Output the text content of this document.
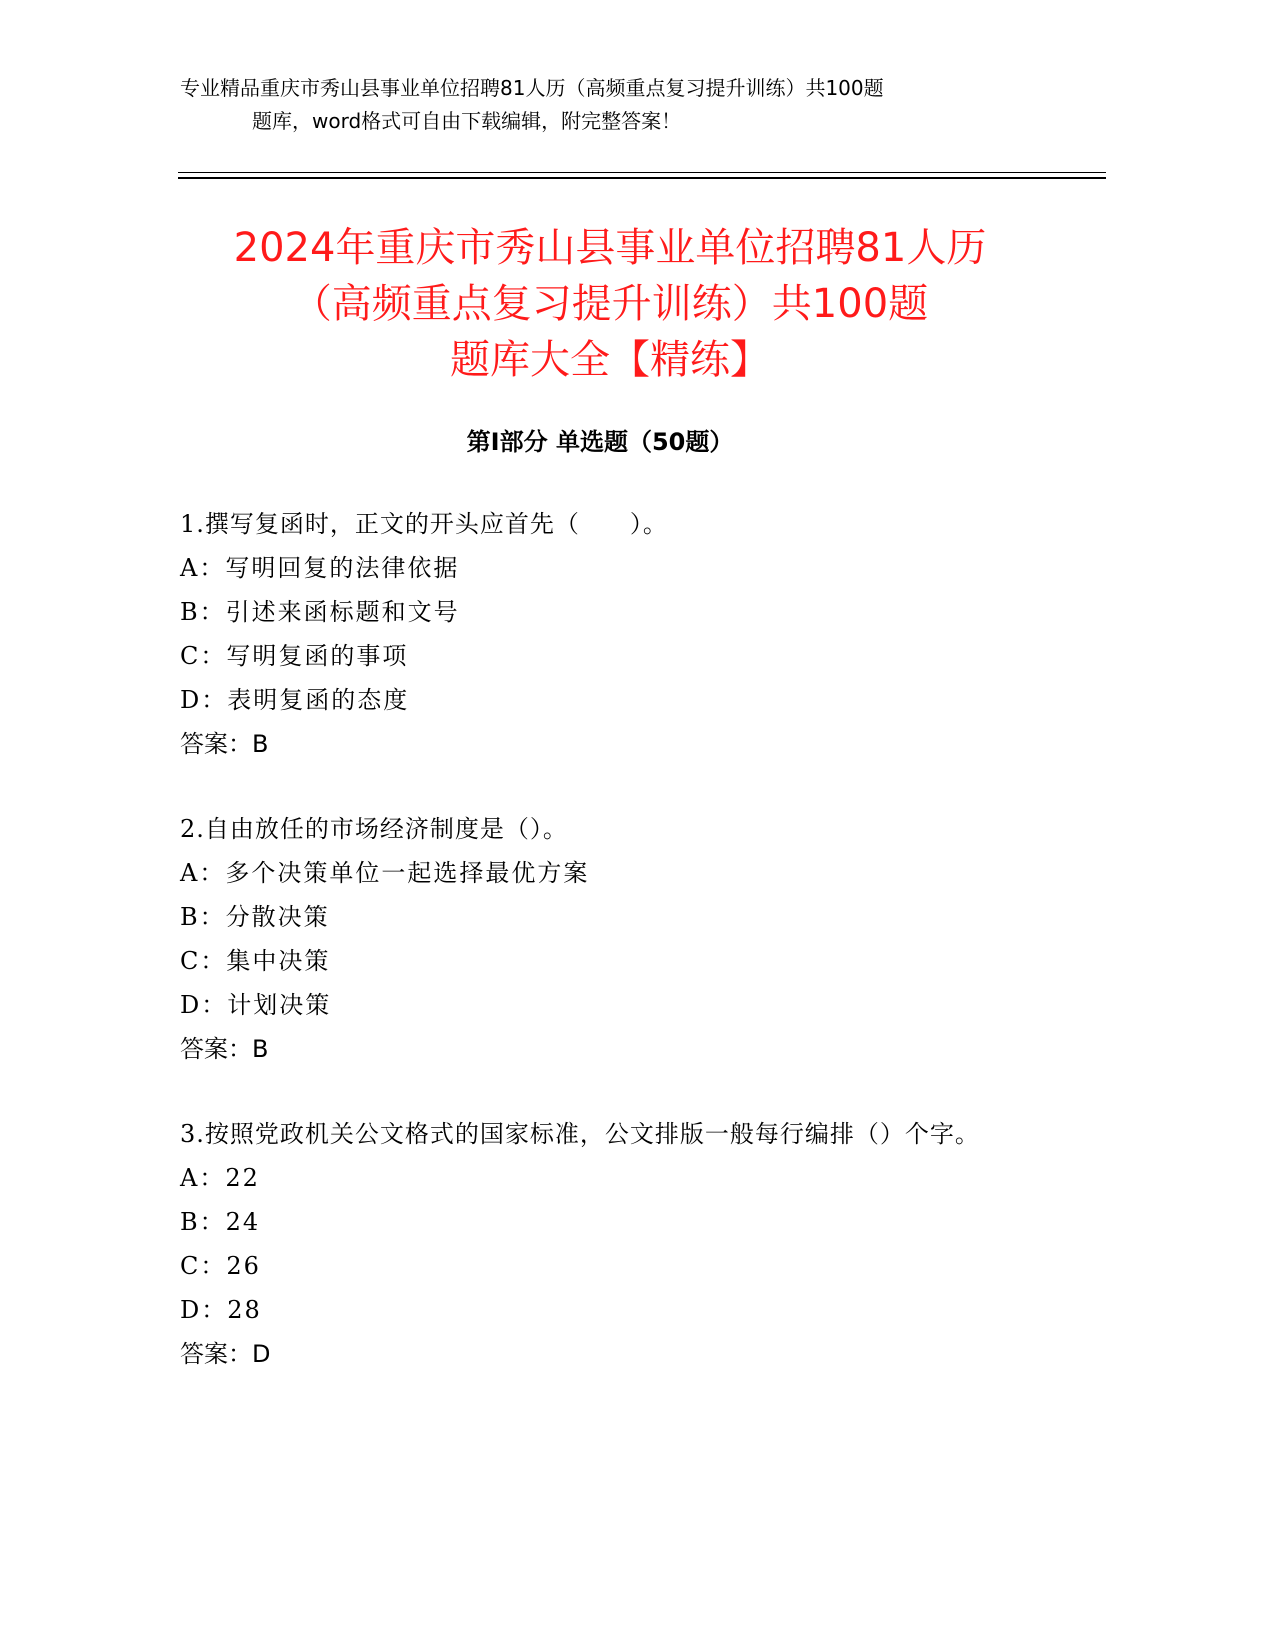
专业精品重庆市秀山县事业单位招聘81人历（高频重点复习提升训练）共100题
题库，word格式可自由下载编辑，附完整答案！
2024年重庆市秀山县事业单位招聘81人历
（高频重点复习提升训练）共100题
题库大全【精练】
第Ⅰ部分 单选题（50题）
1.撰写复函时，正文的开头应首先（　　）。
A：写明回复的法律依据
B：引述来函标题和文号
C：写明复函的事项
D：表明复函的态度
答案：B
2.自由放任的市场经济制度是（）。
A：多个决策单位一起选择最优方案
B：分散决策
C：集中决策
D：计划决策
答案：B
3.按照党政机关公文格式的国家标准，公文排版一般每行编排（）个字。
A：22
B：24
C：26
D：28
答案：D
